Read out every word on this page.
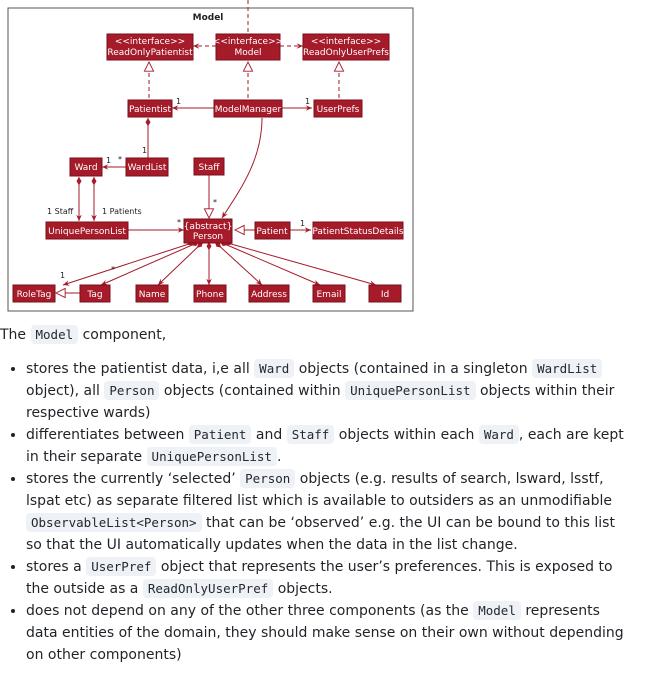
Model
1	1
1
1 *
1 Staff	1 Patients
*
*
1
1
*
<<interface>>
ReadOnlyPatientist
<<interface>>
Model
<<interface>>
ReadOnlyUserPrefs
Patientist	ModelManager	UserPrefs
Ward	WardList	Staff
UniquePersonList	{abstract}
Person	Patient	PatientStatusDetails
RoleTag	Tag	Name	Phone	Address	Email	Id

The Model component,

• stores the patientist data, i,e all Ward objects (contained in a singleton WardList object), all Person objects (contained within UniquePersonList objects within their respective wards)
• differentiates between Patient and Staff objects within each Ward , each are kept in their separate UniquePersonList .
• stores the currently ‘selected’ Person objects (e.g. results of search, lsward, lsstf, lspat etc) as separate filtered list which is available to outsiders as an unmodifiable ObservableList<Person> that can be ‘observed’ e.g. the UI can be bound to this list so that the UI automatically updates when the data in the list change.
• stores a UserPref object that represents the user’s preferences. This is exposed to the outside as a ReadOnlyUserPref objects.
• does not depend on any of the other three components (as the Model represents data entities of the domain, they should make sense on their own without depending on other components)
